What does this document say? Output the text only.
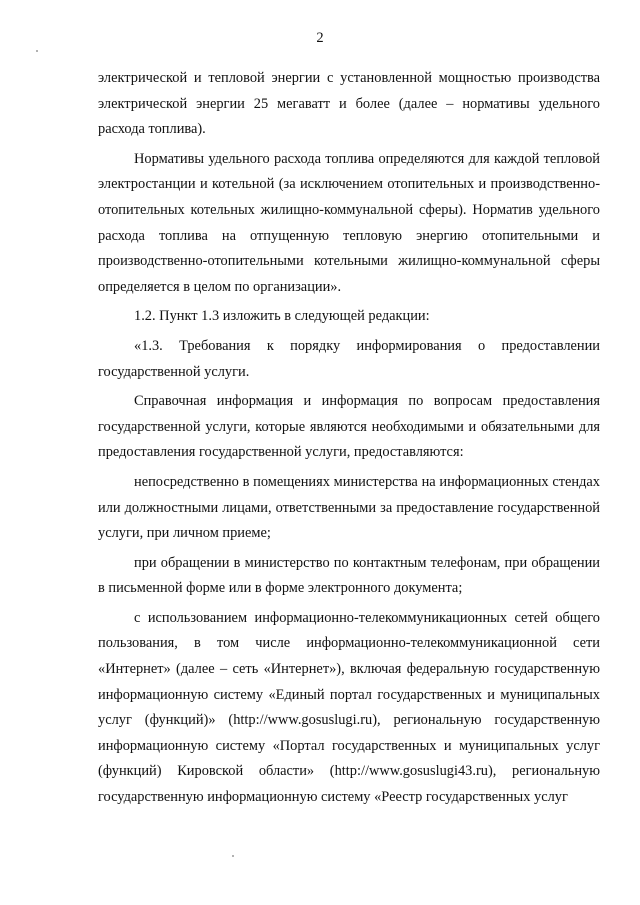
2

электрической и тепловой энергии с установленной мощностью производства электрической энергии 25 мегаватт и более (далее – нормативы удельного расхода топлива).

Нормативы удельного расхода топлива определяются для каждой тепловой электростанции и котельной (за исключением отопительных и производственно-отопительных котельных жилищно-коммунальной сферы). Норматив удельного расхода топлива на отпущенную тепловую энергию отопительными и производственно-отопительными котельными жилищно-коммунальной сферы определяется в целом по организации».

1.2. Пункт 1.3 изложить в следующей редакции:

«1.3. Требования к порядку информирования о предоставлении государственной услуги.

Справочная информация и информация по вопросам предоставления государственной услуги, которые являются необходимыми и обязательными для предоставления государственной услуги, предоставляются:

непосредственно в помещениях министерства на информационных стендах или должностными лицами, ответственными за предоставление государственной услуги, при личном приеме;

при обращении в министерство по контактным телефонам, при обращении в письменной форме или в форме электронного документа;

с использованием информационно-телекоммуникационных сетей общего пользования, в том числе информационно-телекоммуникационной сети «Интернет» (далее – сеть «Интернет»), включая федеральную государственную информационную систему «Единый портал государственных и муниципальных услуг (функций)» (http://www.gosuslugi.ru), региональную государственную информационную систему «Портал государственных и муниципальных услуг (функций) Кировской области» (http://www.gosuslugi43.ru), региональную государственную информационную систему «Реестр государственных услуг
